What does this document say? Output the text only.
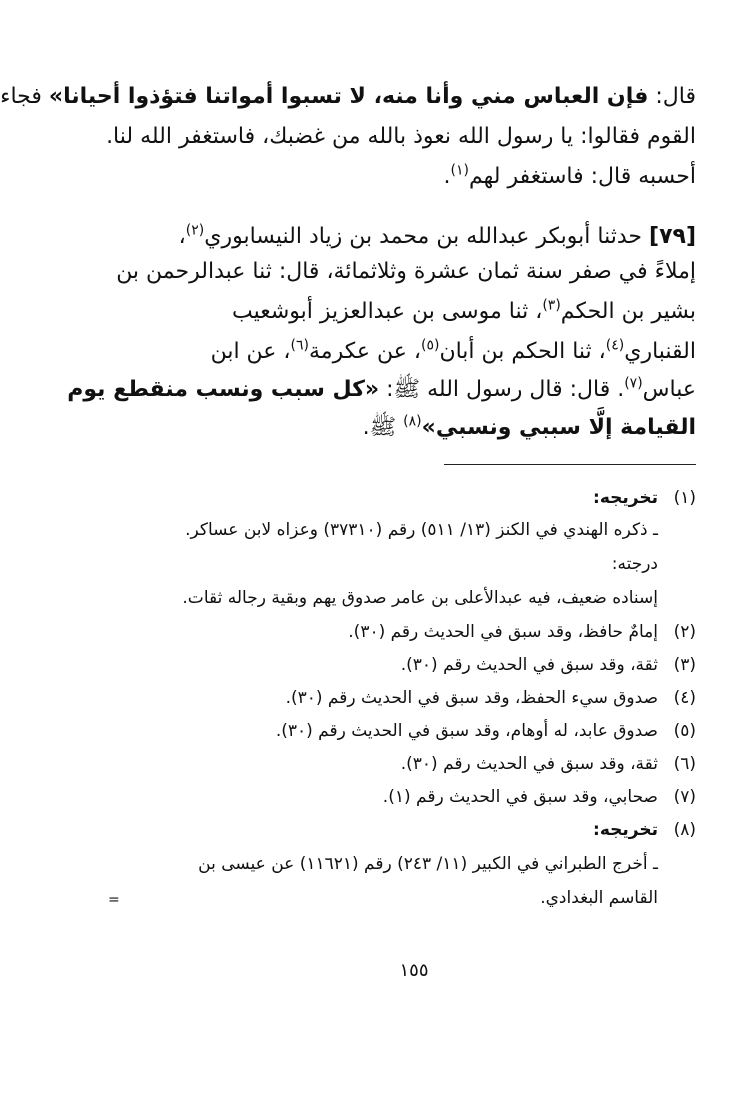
قال: فإن العباس مني وأنا منه، لا تسبوا أمواتنا فتؤذوا أحيانا» فجاء
القوم فقالوا: يا رسول الله نعوذ بالله من غضبك، فاستغفر الله لنا.
أحسبه قال: فاستغفر لهم$^{(١)}$.
[٧٩] حدثنا أبوبكر عبدالله بن محمد بن زياد النيسابوري$^{(٢)}$،
إملاءً في صفر سنة ثمان عشرة وثلاثمائة، قال: ثنا عبدالرحمن بن
بشير بن الحكم$^{(٣)}$، ثنا موسى بن عبدالعزيز أبوشعيب
القنباري$^{(٤)}$، ثنا الحكم بن أبان$^{(٥)}$، عن عكرمة$^{(٦)}$، عن ابن
عباس$^{(٧)}$. قال: قال رسول الله ﷺ: «كل سبب ونسب منقطع يوم
القيامة إلَّا سببي ونسبي»$^{(٨)}$ ﷺ.
(١)تخريجه:
ـ ذكره الهندي في الكنز (١٣/ ٥١١) رقم (٣٧٣١٠) وعزاه لابن عساكر.
درجته:
إسناده ضعيف، فيه عبدالأعلى بن عامر صدوق يهم وبقية رجاله ثقات.
(٢)إمامٌ حافظ، وقد سبق في الحديث رقم (٣٠).
(٣)ثقة، وقد سبق في الحديث رقم (٣٠).
(٤)صدوق سيء الحفظ، وقد سبق في الحديث رقم (٣٠).
(٥)صدوق عابد، له أوهام، وقد سبق في الحديث رقم (٣٠).
(٦)ثقة، وقد سبق في الحديث رقم (٣٠).
(٧)صحابي، وقد سبق في الحديث رقم (١).
(٨)تخريجه:
ـ أخرج الطبراني في الكبير (١١/ ٢٤٣) رقم (١١٦٢١) عن عيسى بن
القاسم البغدادي.
=
١٥٥
